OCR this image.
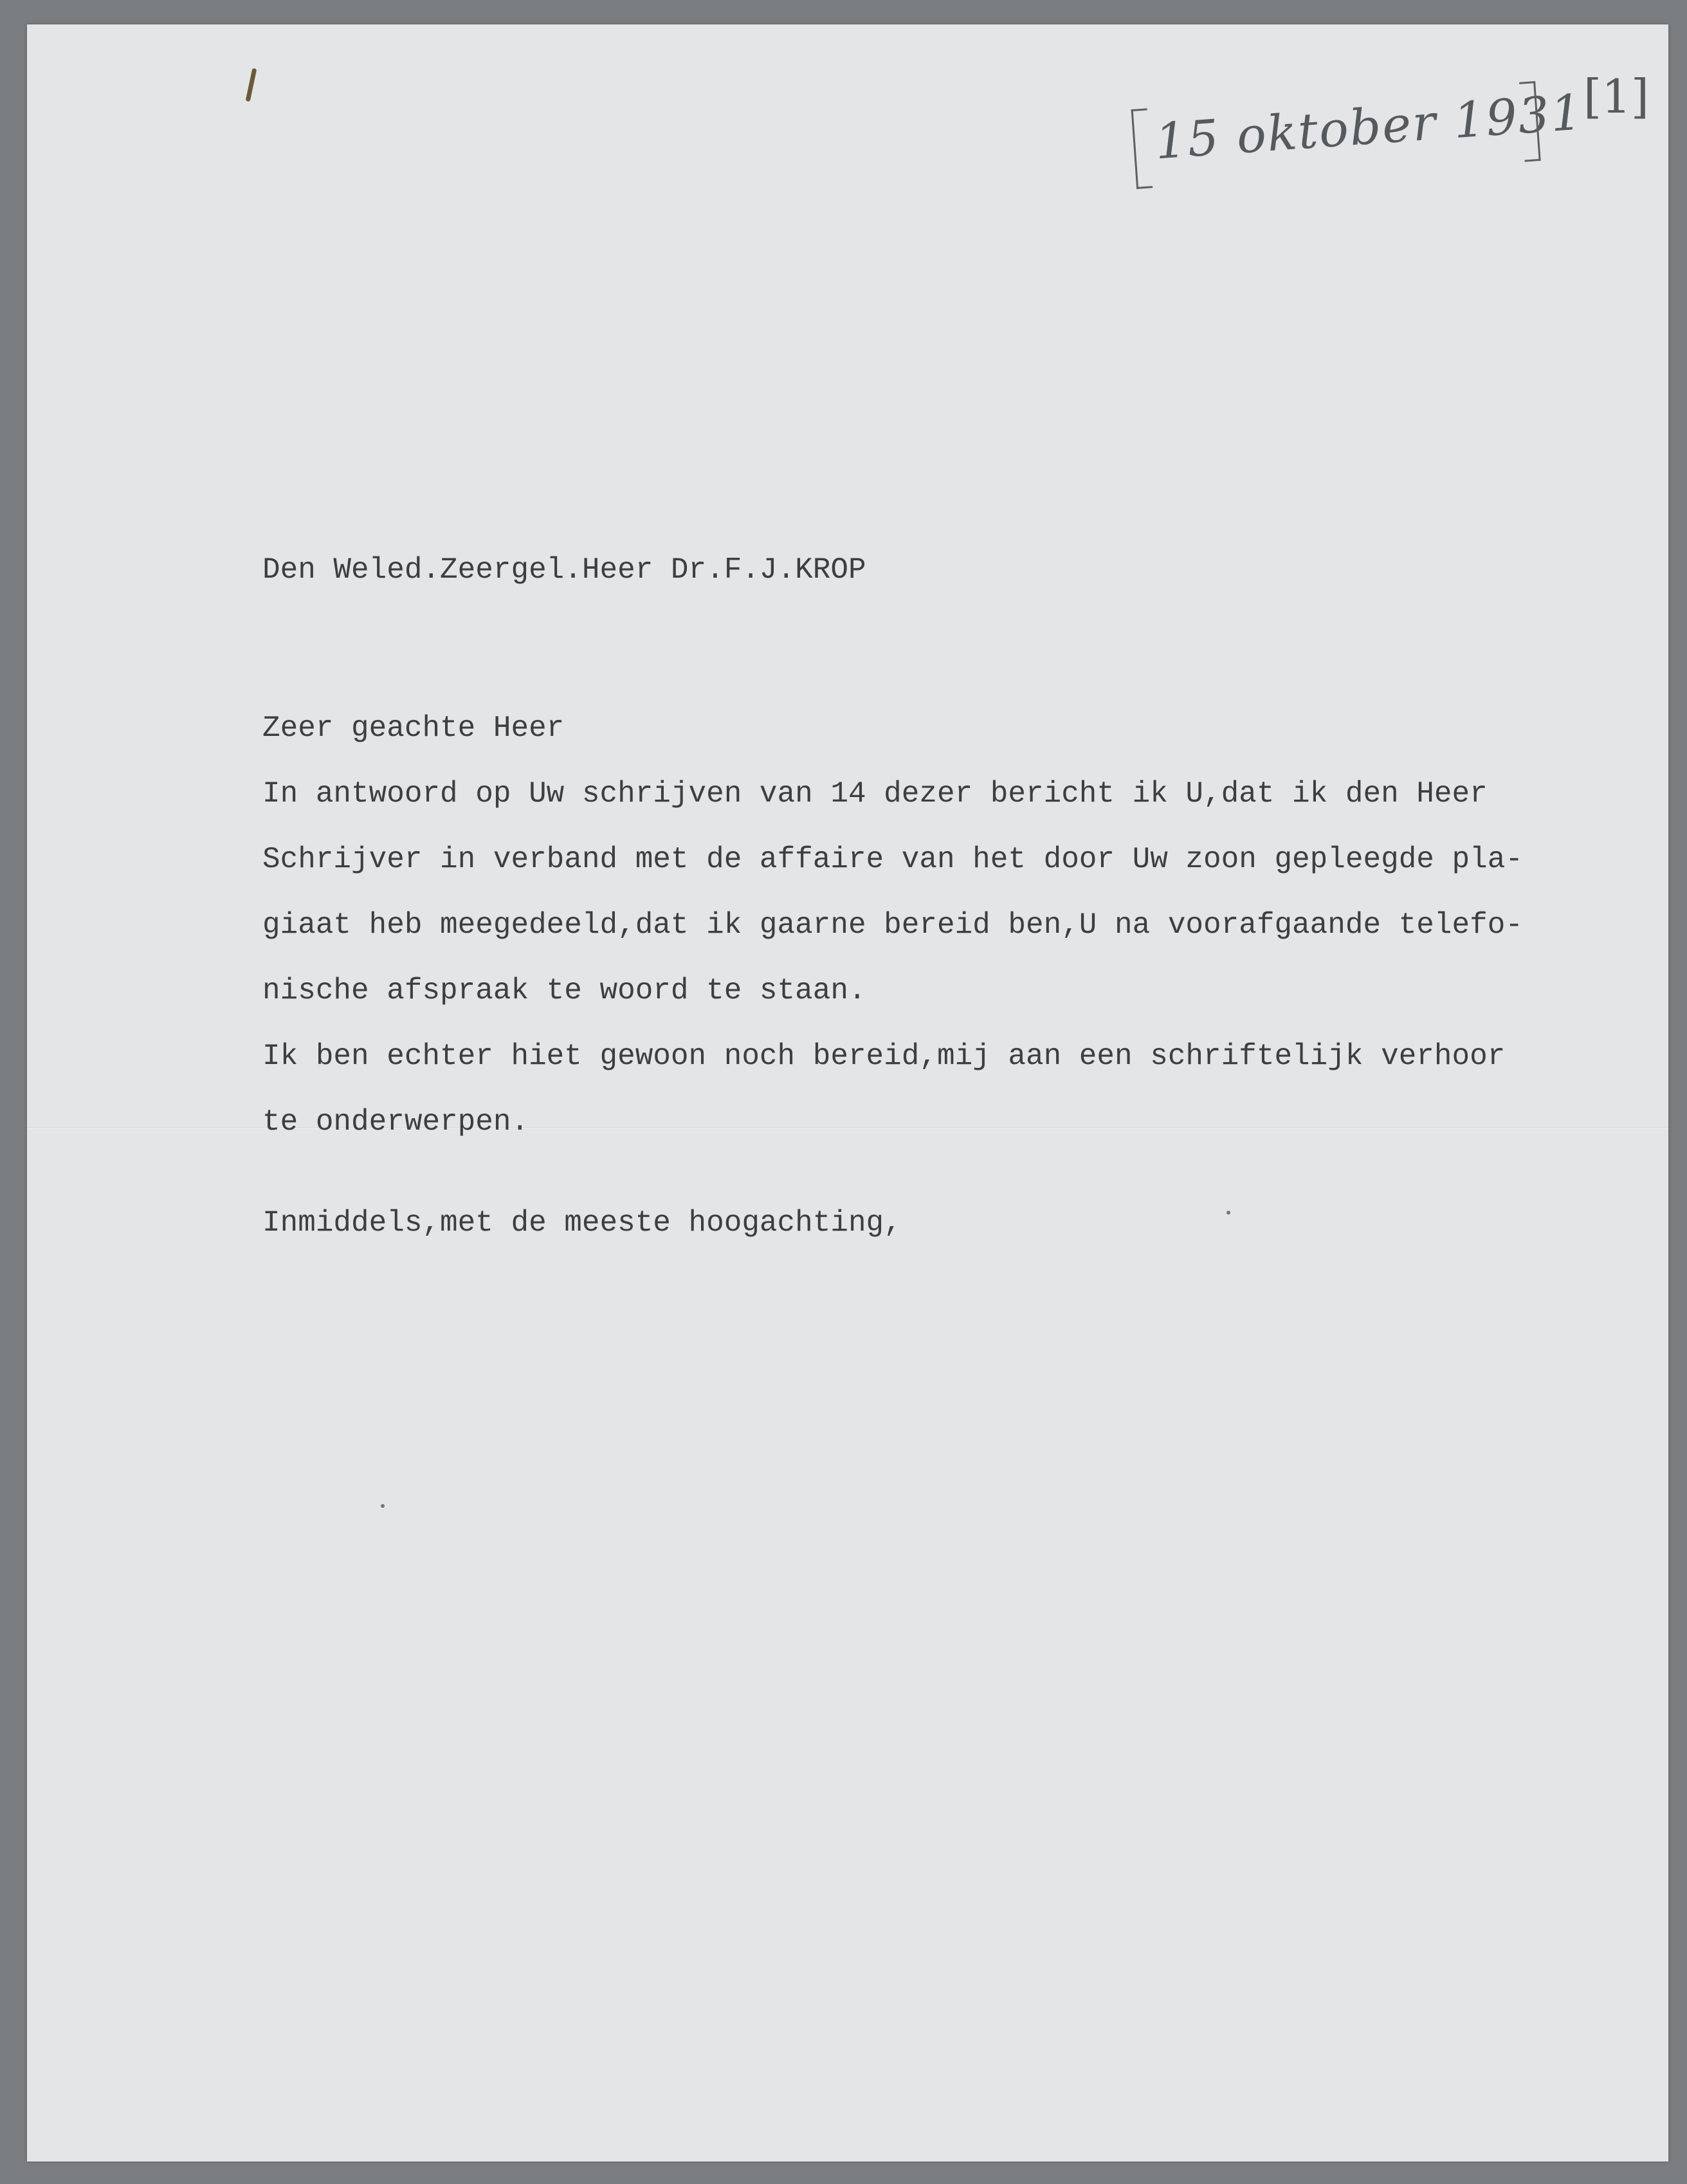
15 oktober 1931
[1]

Den Weled.Zeergel.Heer Dr.F.J.KROP

Zeer geachte Heer

In antwoord op Uw schrijven van 14 dezer bericht ik U,dat ik den Heer

Schrijver in verband met de affaire van het door Uw zoon gepleegde pla-

giaat heb meegedeeld,dat ik gaarne bereid ben,U na voorafgaande telefo-

nische afspraak te woord te staan.

Ik ben echter hiet gewoon noch bereid,mij aan een schriftelijk verhoor

te onderwerpen.

Inmiddels,met de meeste hoogachting,
